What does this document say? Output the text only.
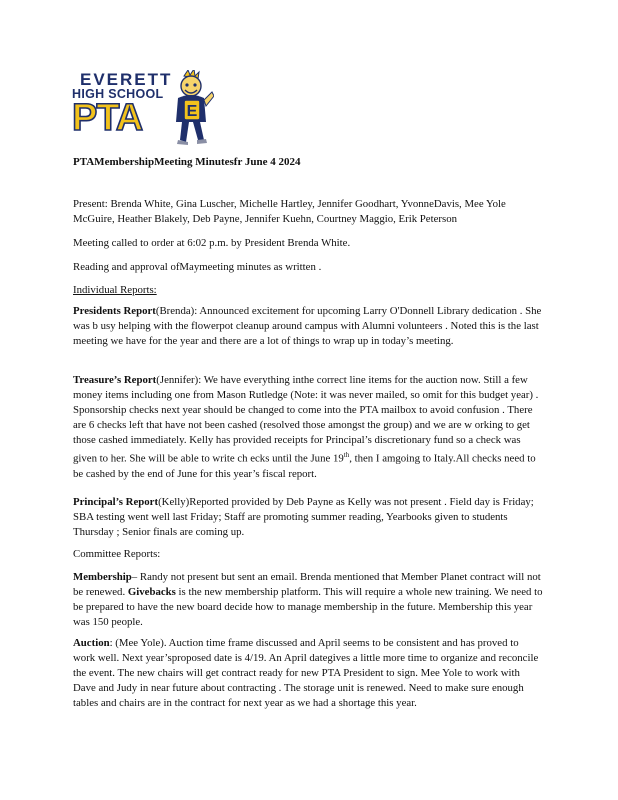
EVERETT
HIGH SCHOOL
PTA	E
PTAMembershipMeeting Minutesfr June 4 2024
Present: Brenda White, Gina Luscher, Michelle Hartley, Jennifer Goodhart, YvonneDavis, Mee Yole McGuire, Heather Blakely, Deb Payne, Jennifer Kuehn, Courtney Maggio, Erik Peterson
Meeting called to order at 6:02 p.m. by President Brenda White.
Reading and approval ofMaymeeting minutes as written .
Individual Reports:
Presidents Report(Brenda): Announced excitement for upcoming Larry O'Donnell Library dedication . She was b usy helping with the flowerpot cleanup around campus with Alumni volunteers . Noted this is the last meeting we have for the year and there are a lot of things to wrap up in today’s meeting.
Treasure’s Report(Jennifer): We have everything inthe correct line items for the auction now. Still a few money items including one from Mason Rutledge (Note: it was never mailed, so omit for this budget year) . Sponsorship checks next year should be changed to come into the PTA mailbox to avoid confusion . There are 6 checks left that have not been cashed (resolved those amongst the group) and we are w orking to get those cashed immediately. Kelly has provided receipts for Principal’s discretionary fund so a check was given to her. She will be able to write ch ecks until the June 19th, then I amgoing to Italy.All checks need to be cashed by the end of June for this year’s fiscal report.
Principal’s Report(Kelly)Reported provided by Deb Payne as Kelly was not present . Field day is Friday; SBA testing went well last Friday; Staff are promoting summer reading, Yearbooks given to students Thursday ; Senior finals are coming up.
Committee Reports:
Membership– Randy not present but sent an email. Brenda mentioned that Member Planet contract will not be renewed. Givebacks is the new membership platform. This will require a whole new training. We need to be prepared to have the new board decide how to manage membership in the future. Membership this year was 150 people.
Auction: (Mee Yole). Auction time frame discussed and April seems to be consistent and has proved to work well. Next year’sproposed date is 4/19. An April dategives a little more time to organize and reconcile the event. The new chairs will get contract ready for new PTA President to sign. Mee Yole to work with Dave and Judy in near future about contracting . The storage unit is renewed. Need to make sure enough tables and chairs are in the contract for next year as we had a shortage this year.
